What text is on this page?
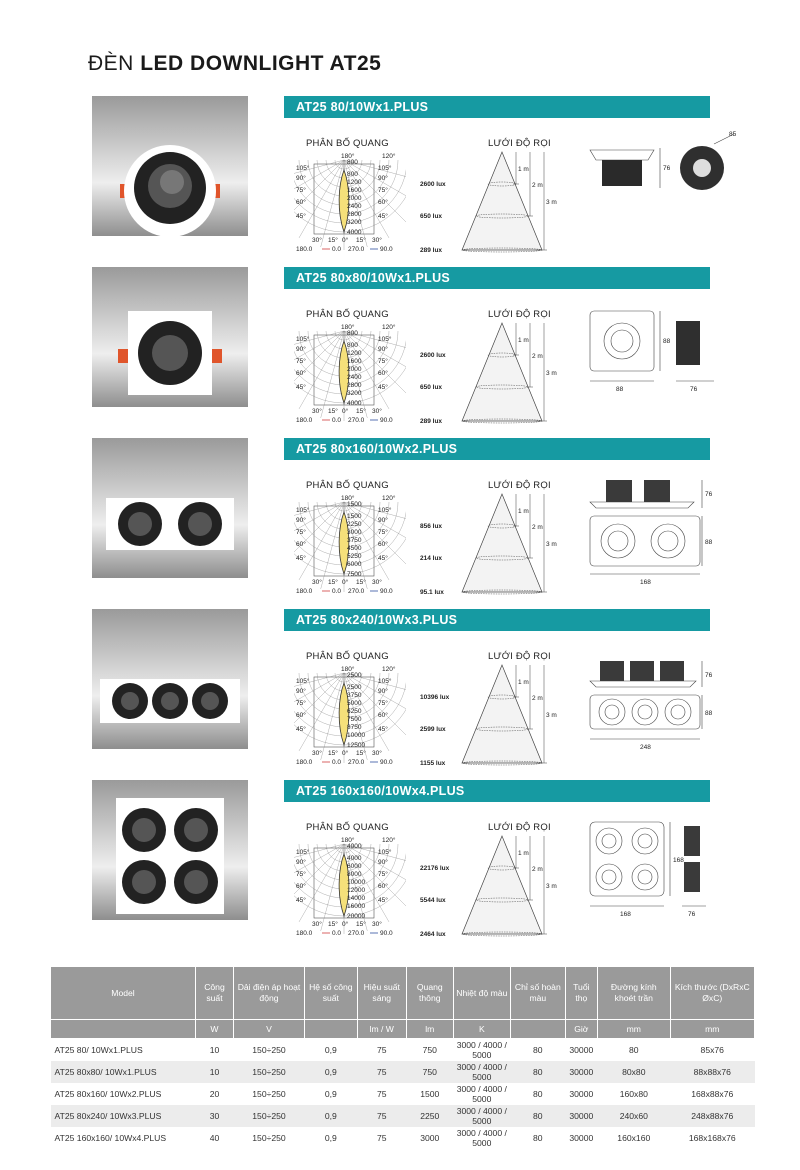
ĐÈN LED DOWNLIGHT AT25
AT25 80/10Wx1.PLUS
PHÂN BỐ QUANG	LƯỚI ĐỘ RỌI
800
800
1200
1600
2000
2400
2800
3200
4000
180°	120°
105°	105°
90°	90°
75°	75°
60°	60°
45°	45°
30° 15° 0° 15° 30°
180.0	0.0 270.0 90.0
2600 lux
650 lux
289 lux
1 m
2 m
3 m
76
85
AT25 80x80/10Wx1.PLUS
PHÂN BỐ QUANG	LƯỚI ĐỘ RỌI
800
800
1200
1600
2000
2400
2800
3200
4000
180°	120°
105°	105°
90°	90°
75°	75°
60°	60°
45°	45°
30° 15° 0° 15° 30°
180.0	0.0 270.0 90.0
2600 lux
650 lux
289 lux
1 m
2 m
3 m
88
88	76
AT25 80x160/10Wx2.PLUS
PHÂN BỐ QUANG	LƯỚI ĐỘ RỌI
1500
1500
2250
3000
3750
4500
5250
6000
7500
180°	120°
105°	105°
90°	90°
75°	75°
60°	60°
45°	45°
30° 15° 0° 15° 30°
180.0	0.0 270.0 90.0
856 lux
214 lux
95.1 lux
1 m
2 m
3 m
76
88
168
AT25 80x240/10Wx3.PLUS
PHÂN BỐ QUANG	LƯỚI ĐỘ RỌI
2500
2500
3750
5000
6250
7500
8750
10000
12500
180°	120°
105°	105°
90°	90°
75°	75°
60°	60°
45°	45°
30° 15° 0° 15° 30°
180.0	0.0 270.0 90.0
10396 lux
2599 lux
1155 lux
1 m
2 m
3 m
76
88
248
AT25 160x160/10Wx4.PLUS
PHÂN BỐ QUANG	LƯỚI ĐỘ RỌI
4000
4000
6000
8000
10000
12000
14000
16000
20000
180°	120°
105°	105°
90°	90°
75°	75°
60°	60°
45°	45°
30° 15° 0° 15° 30°
180.0	0.0 270.0 90.0
22176 lux
5544 lux
2464 lux
1 m
2 m
3 m
168
168	76
Model	Công suất	Dải điện áp hoạt động	Hệ số công suất	Hiệu suất sáng	Quang thông	Nhiệt độ màu	Chỉ số hoàn màu	Tuổi thọ	Đường kính khoét trần	Kích thước (DxRxC ØxC)
	W	V		lm / W	lm	K		Giờ	mm	mm
AT25 80/ 10Wx1.PLUS	10	150÷250	0,9	75	750	3000 / 4000 / 5000	80	30000	80	85x76
AT25 80x80/ 10Wx1.PLUS	10	150÷250	0,9	75	750	3000 / 4000 / 5000	80	30000	80x80	88x88x76
AT25 80x160/ 10Wx2.PLUS	20	150÷250	0,9	75	1500	3000 / 4000 / 5000	80	30000	160x80	168x88x76
AT25 80x240/ 10Wx3.PLUS	30	150÷250	0,9	75	2250	3000 / 4000 / 5000	80	30000	240x60	248x88x76
AT25 160x160/ 10Wx4.PLUS	40	150÷250	0,9	75	3000	3000 / 4000 / 5000	80	30000	160x160	168x168x76
